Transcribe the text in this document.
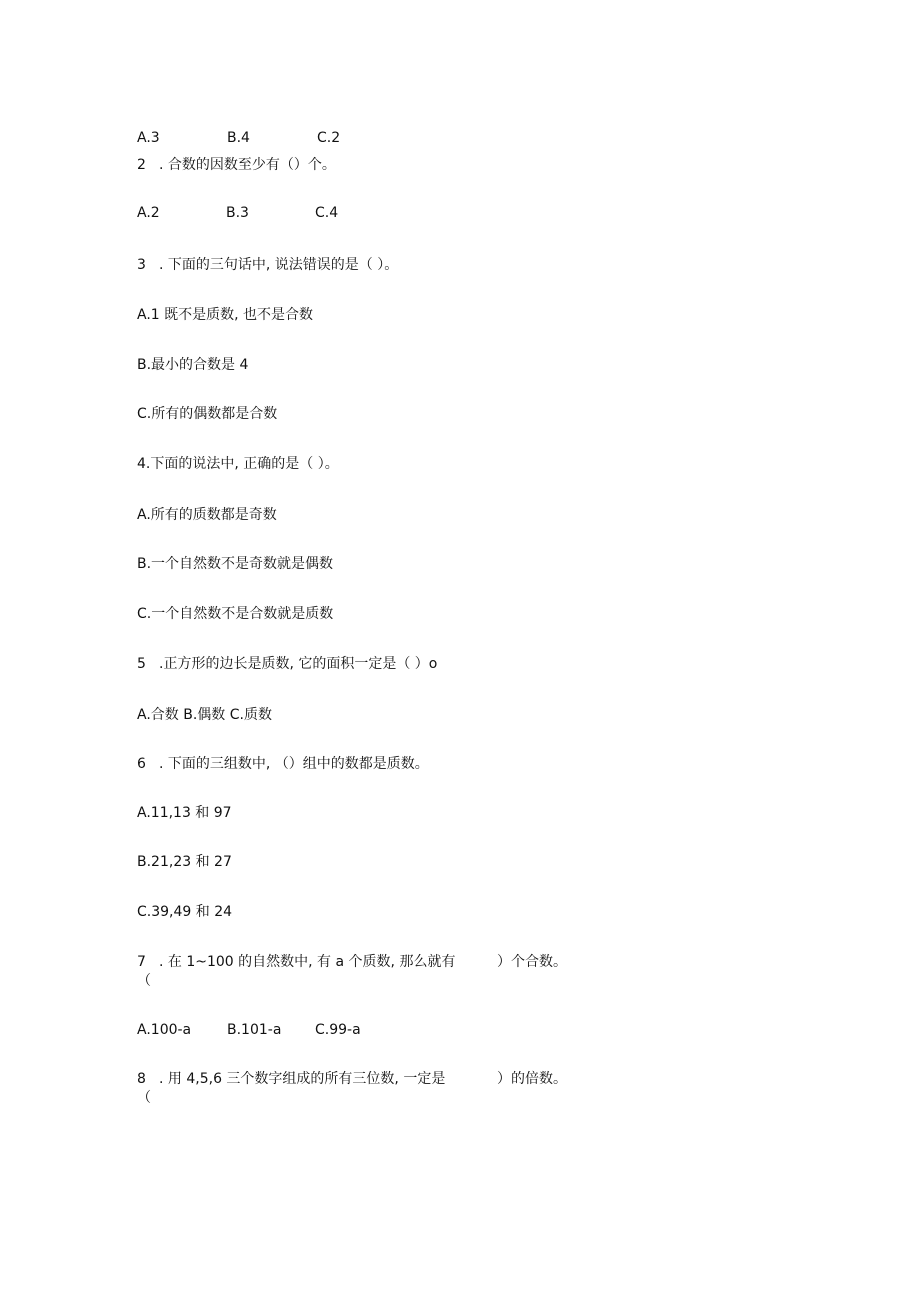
A.3	B.4	C.2
2 . 合数的因数至少有（）个。
A.2	B.3	C.4
3 . 下面的三句话中, 说法错误的是（ ）。
A.1 既不是质数, 也不是合数
B.最小的合数是 4
C.所有的偶数都是合数
4.下面的说法中, 正确的是（ ）。
A.所有的质数都是奇数
B.一个自然数不是奇数就是偶数
C.一个自然数不是合数就是质数
5 .正方形的边长是质数, 它的面积一定是（ ）o
A.合数 B.偶数 C.质数
6 . 下面的三组数中, （）组中的数都是质数。
A.11,13 和 97
B.21,23 和 27
C.39,49 和 24
7 . 在 1~100 的自然数中, 有 a 个质数, 那么就有	）个合数。
（
A.100-a	B.101-a C.99-a
8 . 用 4,5,6 三个数字组成的所有三位数, 一定是	）的倍数。
（
